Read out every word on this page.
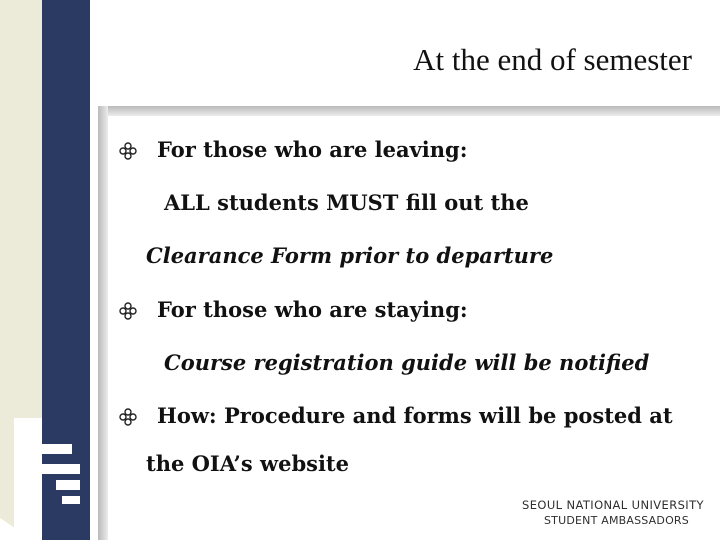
At the end of semester
For those who are leaving:
ALL students MUST fill out the
Clearance Form prior to departure
For those who are staying:
Course registration guide will be notified
How: Procedure and forms will be posted at
the OIA’s website
SEOUL NATIONAL UNIVERSITY
STUDENT AMBASSADORS
